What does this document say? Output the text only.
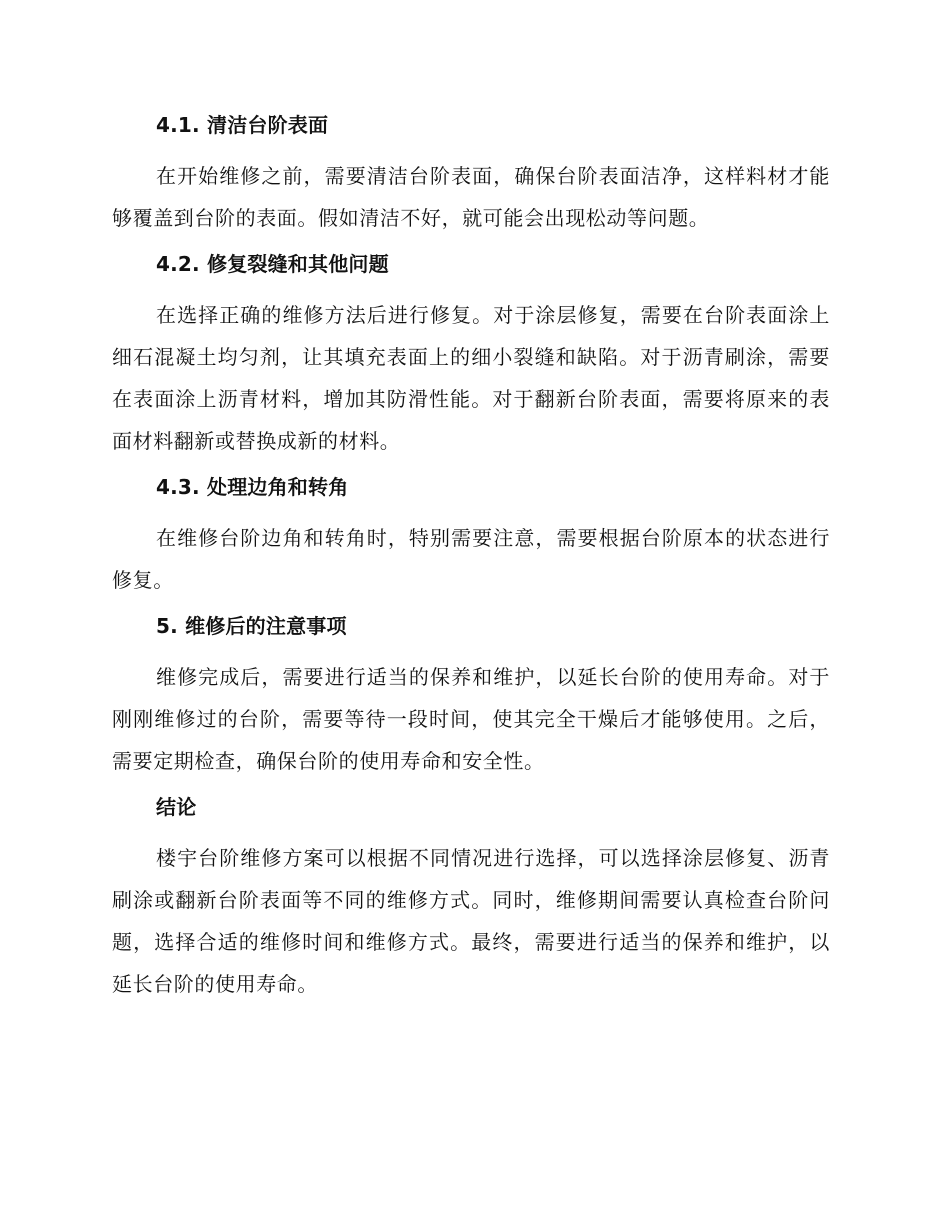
4.1. 清洁台阶表面

在开始维修之前，需要清洁台阶表面，确保台阶表面洁净，这样料材才能够覆盖到台阶的表面。假如清洁不好，就可能会出现松动等问题。

4.2. 修复裂缝和其他问题

在选择正确的维修方法后进行修复。对于涂层修复，需要在台阶表面涂上细石混凝土均匀剂，让其填充表面上的细小裂缝和缺陷。对于沥青刷涂，需要在表面涂上沥青材料，增加其防滑性能。对于翻新台阶表面，需要将原来的表面材料翻新或替换成新的材料。

4.3. 处理边角和转角

在维修台阶边角和转角时，特别需要注意，需要根据台阶原本的状态进行修复。

5. 维修后的注意事项

维修完成后，需要进行适当的保养和维护，以延长台阶的使用寿命。对于刚刚维修过的台阶，需要等待一段时间，使其完全干燥后才能够使用。之后，需要定期检查，确保台阶的使用寿命和安全性。

结论

楼宇台阶维修方案可以根据不同情况进行选择，可以选择涂层修复、沥青刷涂或翻新台阶表面等不同的维修方式。同时，维修期间需要认真检查台阶问题，选择合适的维修时间和维修方式。最终，需要进行适当的保养和维护，以延长台阶的使用寿命。
